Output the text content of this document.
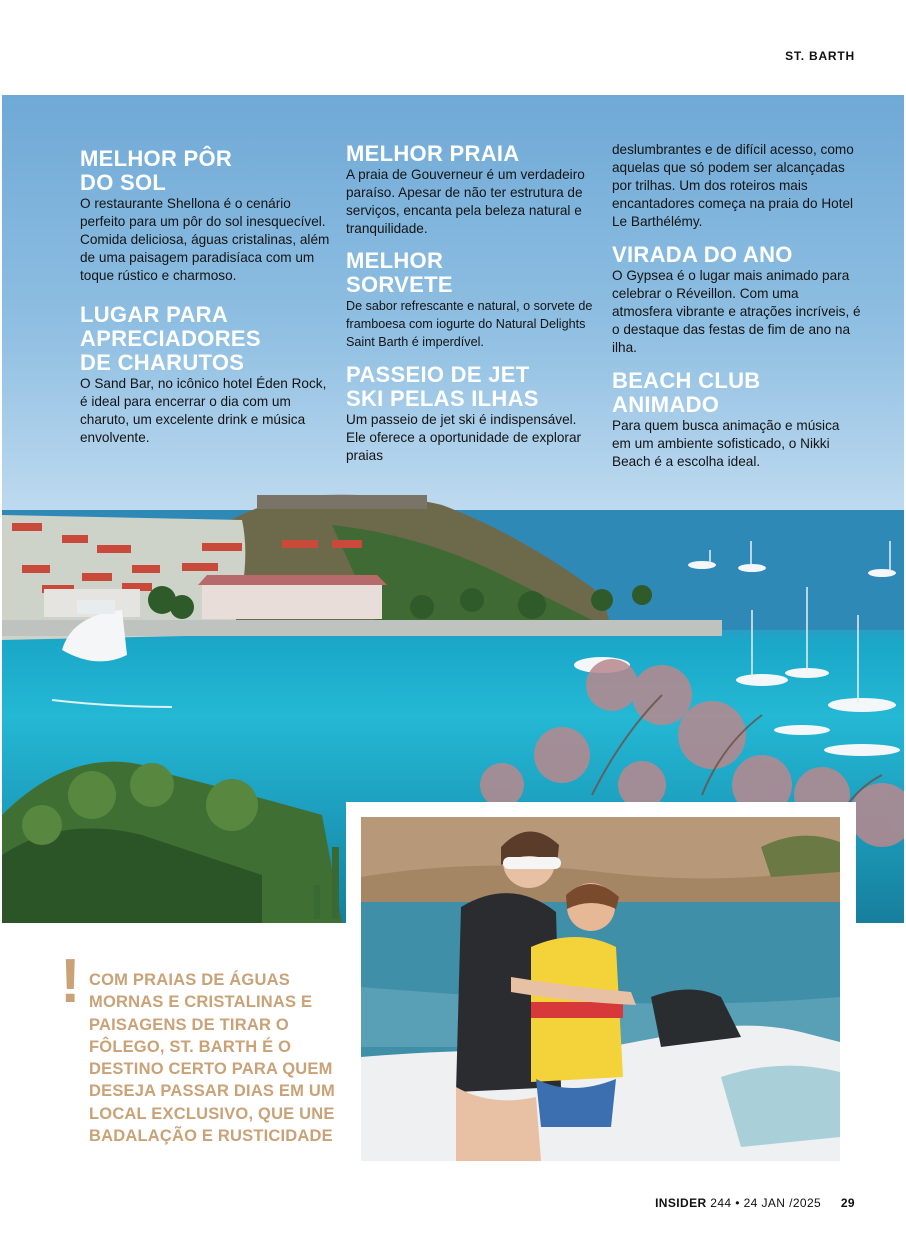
ST. BARTH
MELHOR PÔR
DO SOL

O restaurante Shellona é o cenário perfeito para um pôr do sol inesquecível. Comida deliciosa, águas cristalinas, além de uma paisagem paradisíaca com um toque rústico e charmoso.

LUGAR PARA
APRECIADORES
DE CHARUTOS

O Sand Bar, no icônico hotel Éden Rock, é ideal para encerrar o dia com um charuto, um excelente drink e música envolvente.

MELHOR PRAIA

A praia de Gouverneur é um verdadeiro paraíso. Apesar de não ter estrutura de serviços, encanta pela beleza natural e tranquilidade.

MELHOR
SORVETE

De sabor refrescante e natural, o sorvete de framboesa com iogurte do Natural Delights Saint Barth é imperdível.

PASSEIO DE JET
SKI PELAS ILHAS

Um passeio de jet ski é indispensável. Ele oferece a oportunidade de explorar praias

deslumbrantes e de difícil acesso, como aquelas que só podem ser alcançadas por trilhas. Um dos roteiros mais encantadores começa na praia do Hotel Le Barthélémy.

VIRADA DO ANO

O Gypsea é o lugar mais animado para celebrar o Réveillon. Com uma atmosfera vibrante e atrações incríveis, é o destaque das festas de fim de ano na ilha.

BEACH CLUB
ANIMADO

Para quem busca animação e música em um ambiente sofisticado, o Nikki Beach é a escolha ideal.

! COM PRAIAS DE ÁGUAS MORNAS E CRISTALINAS E PAISAGENS DE TIRAR O FÔLEGO, ST. BARTH É O DESTINO CERTO PARA QUEM DESEJA PASSAR DIAS EM UM LOCAL EXCLUSIVO, QUE UNE BADALAÇÃO E RUSTICIDADE
INSIDER 244 • 24 JAN /2025 29
